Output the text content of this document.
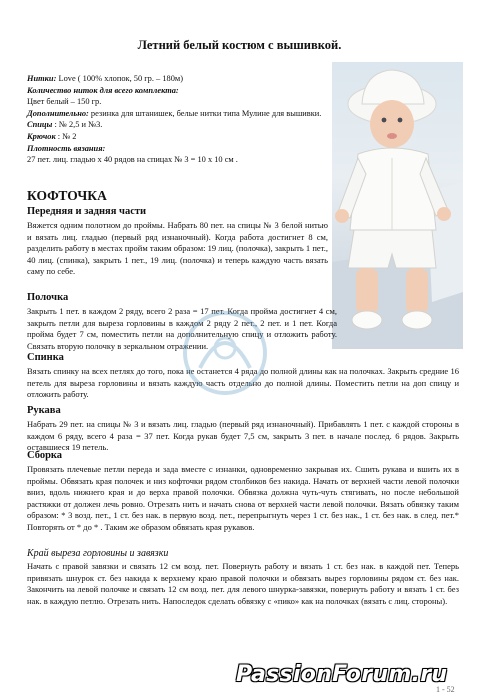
Летний белый костюм с вышивкой.
Нитки: Love ( 100% хлопок, 50 гр. – 180м)
Количество ниток для всего комплекта:
Цвет белый – 150 гр.
Дополнительно: резинка для штанишек, белые нитки типа Мулине для вышивки.
Спицы : № 2,5 и №3.
Крючок : № 2
Плотность вязания:
27 пет. лиц. гладью х 40 рядов на спицах № 3 = 10 х 10 см .
КОФТОЧКА
Передняя и задняя части
Вяжется одним полотном до проймы. Набрать 80 пет. на спицы № 3 белой нитью и вязать лиц. гладью (первый ряд изнаночный). Когда работа достигнет 8 см, разделить работу в местах пройм таким образом: 19 лиц. (полочка), закрыть 1 пет., 40 лиц. (спинка), закрыть 1 пет., 19 лиц. (полочка) и теперь каждую часть вязать саму по себе.
Полочка
Закрыть 1 пет. в каждом 2 ряду, всего 2 раза = 17 пет. Когда пройма достигнет 4 см, закрыть петли для выреза горловины в каждом 2 ряду 2 пет., 2 пет. и 1 пет. Когда пройма будет 7 см, поместить петли на дополнительную спицу и отложить работу. Связать вторую полочку в зеркальном отражении.
Спинка
Вязать спинку на всех петлях до того, пока не останется 4 ряда до полной длины как на полочках. Закрыть средние 16 петель для выреза горловины и вязать каждую часть отдельно до полной длины. Поместить петли на доп спицу и отложить работу.
Рукава
Набрать 29 пет. на спицы № 3 и вязать лиц. гладью (первый ряд изнаночный). Прибавлять 1 пет. с каждой стороны в каждом 6 ряду, всего 4 раза = 37 пет. Когда рукав будет 7,5 см, закрыть 3 пет. в начале послед. 6 рядов. Закрыть оставшиеся 19 петель.
Сборка
Провязать плечевые петли переда и зада вместе с изнанки, одновременно закрывая их. Сшить рукава и вшить их в проймы. Обвязать края полочек и низ кофточки рядом столбиков без накида. Начать от верхней части левой полочки вниз, вдоль нижнего края и до верха правой полочки. Обвязка должна чуть-чуть стягивать, но после небольшой растяжки от должен лечь ровно. Отрезать нить и начать снова от верхней части левой полочки. Вязать обвязку таким образом: * 3 возд. пет., 1 ст. без нак. в первую возд. пет., перепрыгнуть через 1 ст. без нак., 1 ст. без нак. в след. пет.* Повторять от * до * . Таким же образом обвязать края рукавов.
Край выреза горловины и завязки
Начать с правой завязки и связать 12 см возд. пет. Повернуть работу и вязать 1 ст. без нак. в каждой пет. Теперь привязать шнурок ст. без накида к верхнему краю правой полочки и обвязать вырез горловины рядом ст. без нак. Закончить на левой полочке и связать 12 см возд. пет. для левого шнурка-завязки, повернуть работу и вязать 1 ст. без нак. в каждую петлю. Отрезать нить. Напоследок сделать обвязку с «пико» как на полочках (вязать с лиц. стороны).
PassionForum.ru
1 - 52
